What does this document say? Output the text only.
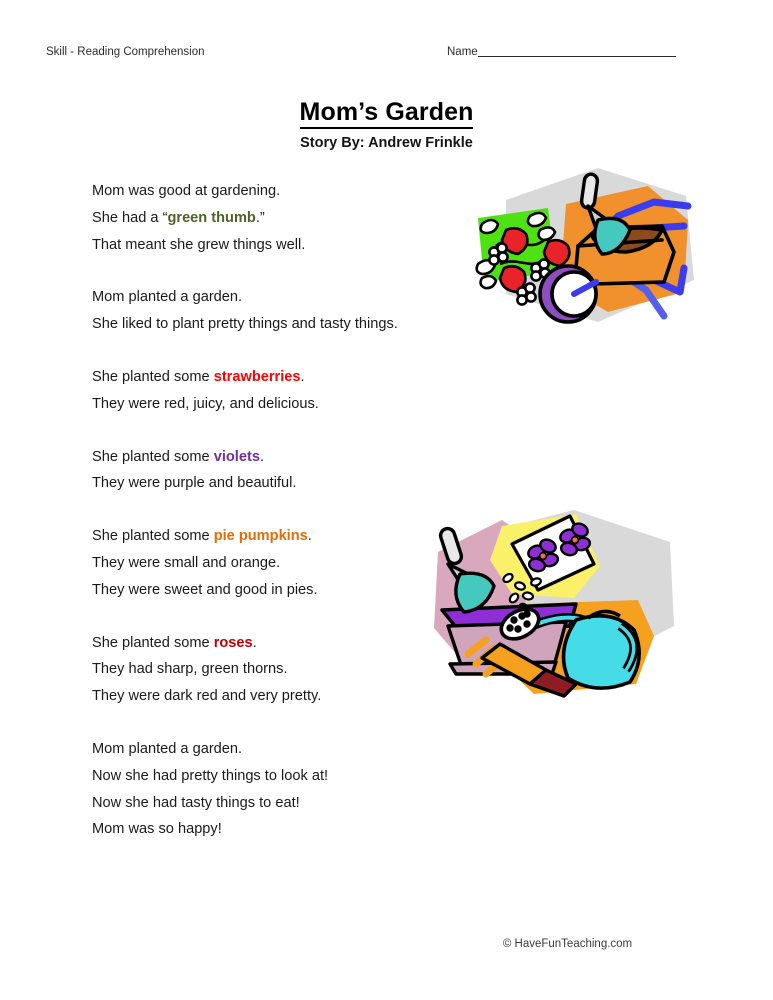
Skill - Reading Comprehension	Name
Mom’s Garden
Story By: Andrew Frinkle
Mom was good at gardening.
She had a “green thumb.”
That meant she grew things well.
Mom planted a garden.
She liked to plant pretty things and tasty things.
She planted some strawberries.
They were red, juicy, and delicious.
She planted some violets.
They were purple and beautiful.
She planted some pie pumpkins.
They were small and orange.
They were sweet and good in pies.
She planted some roses.
They had sharp, green thorns.
They were dark red and very pretty.
Mom planted a garden.
Now she had pretty things to look at!
Now she had tasty things to eat!
Mom was so happy!
© HaveFunTeaching.com
